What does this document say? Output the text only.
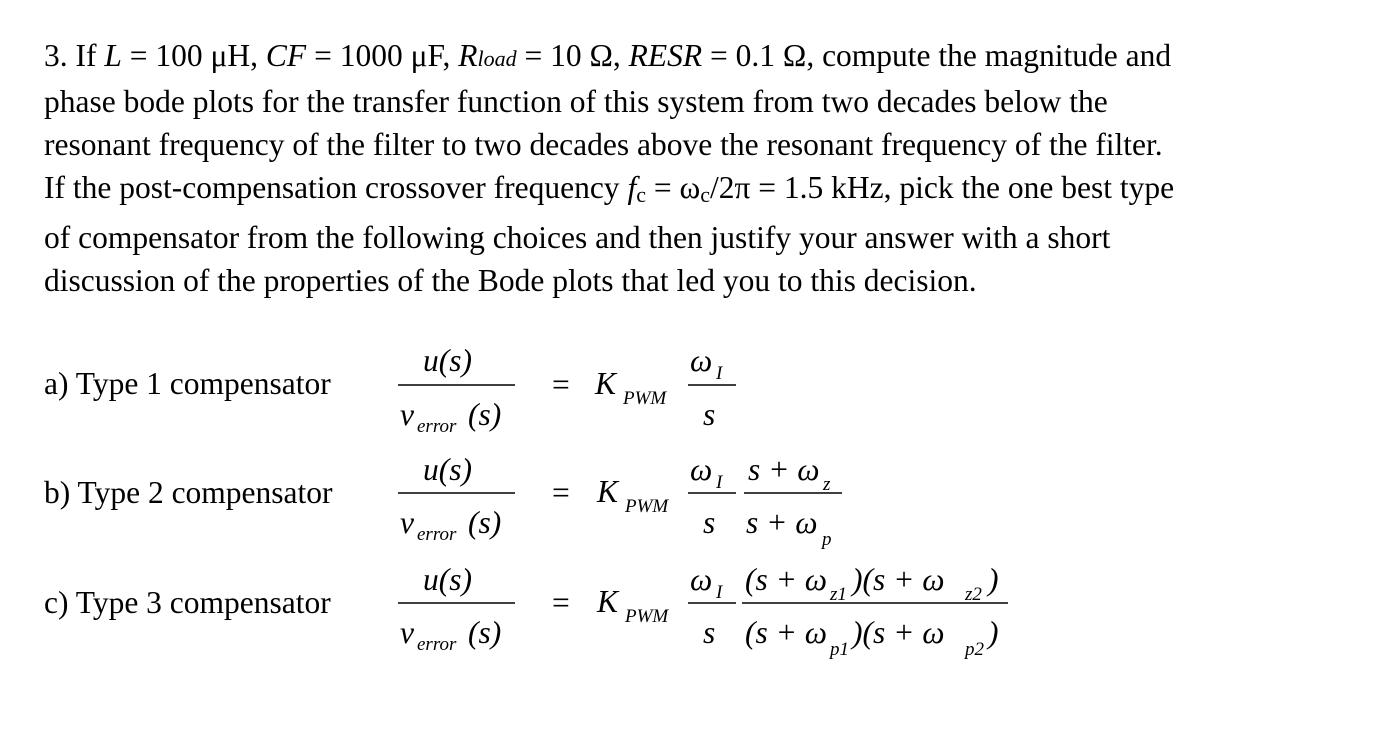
3. If L = 100 μH, CF = 1000 μF, Rload = 10 Ω, RESR = 0.1 Ω, compute the magnitude and
phase bode plots for the transfer function of this system from two decades below the
resonant frequency of the filter to two decades above the resonant frequency of the filter.
If the post-compensation crossover frequency fc = ωc/2π = 1.5 kHz, pick the one best type
of compensator from the following choices and then justify your answer with a short
discussion of the properties of the Bode plots that led you to this decision.
a) Type 1 compensator
u(s)
v error (s)
= K PWM
ω I
s
b) Type 2 compensator
u(s)
v error (s)
= K PWM
ω I
s
s + ω z
s + ω p
c) Type 3 compensator
u(s)
v error (s)
= K PWM
ω I
s
(s + ω z1 )(s + ω z2 )
(s + ω p1 )(s + ω p2 )
